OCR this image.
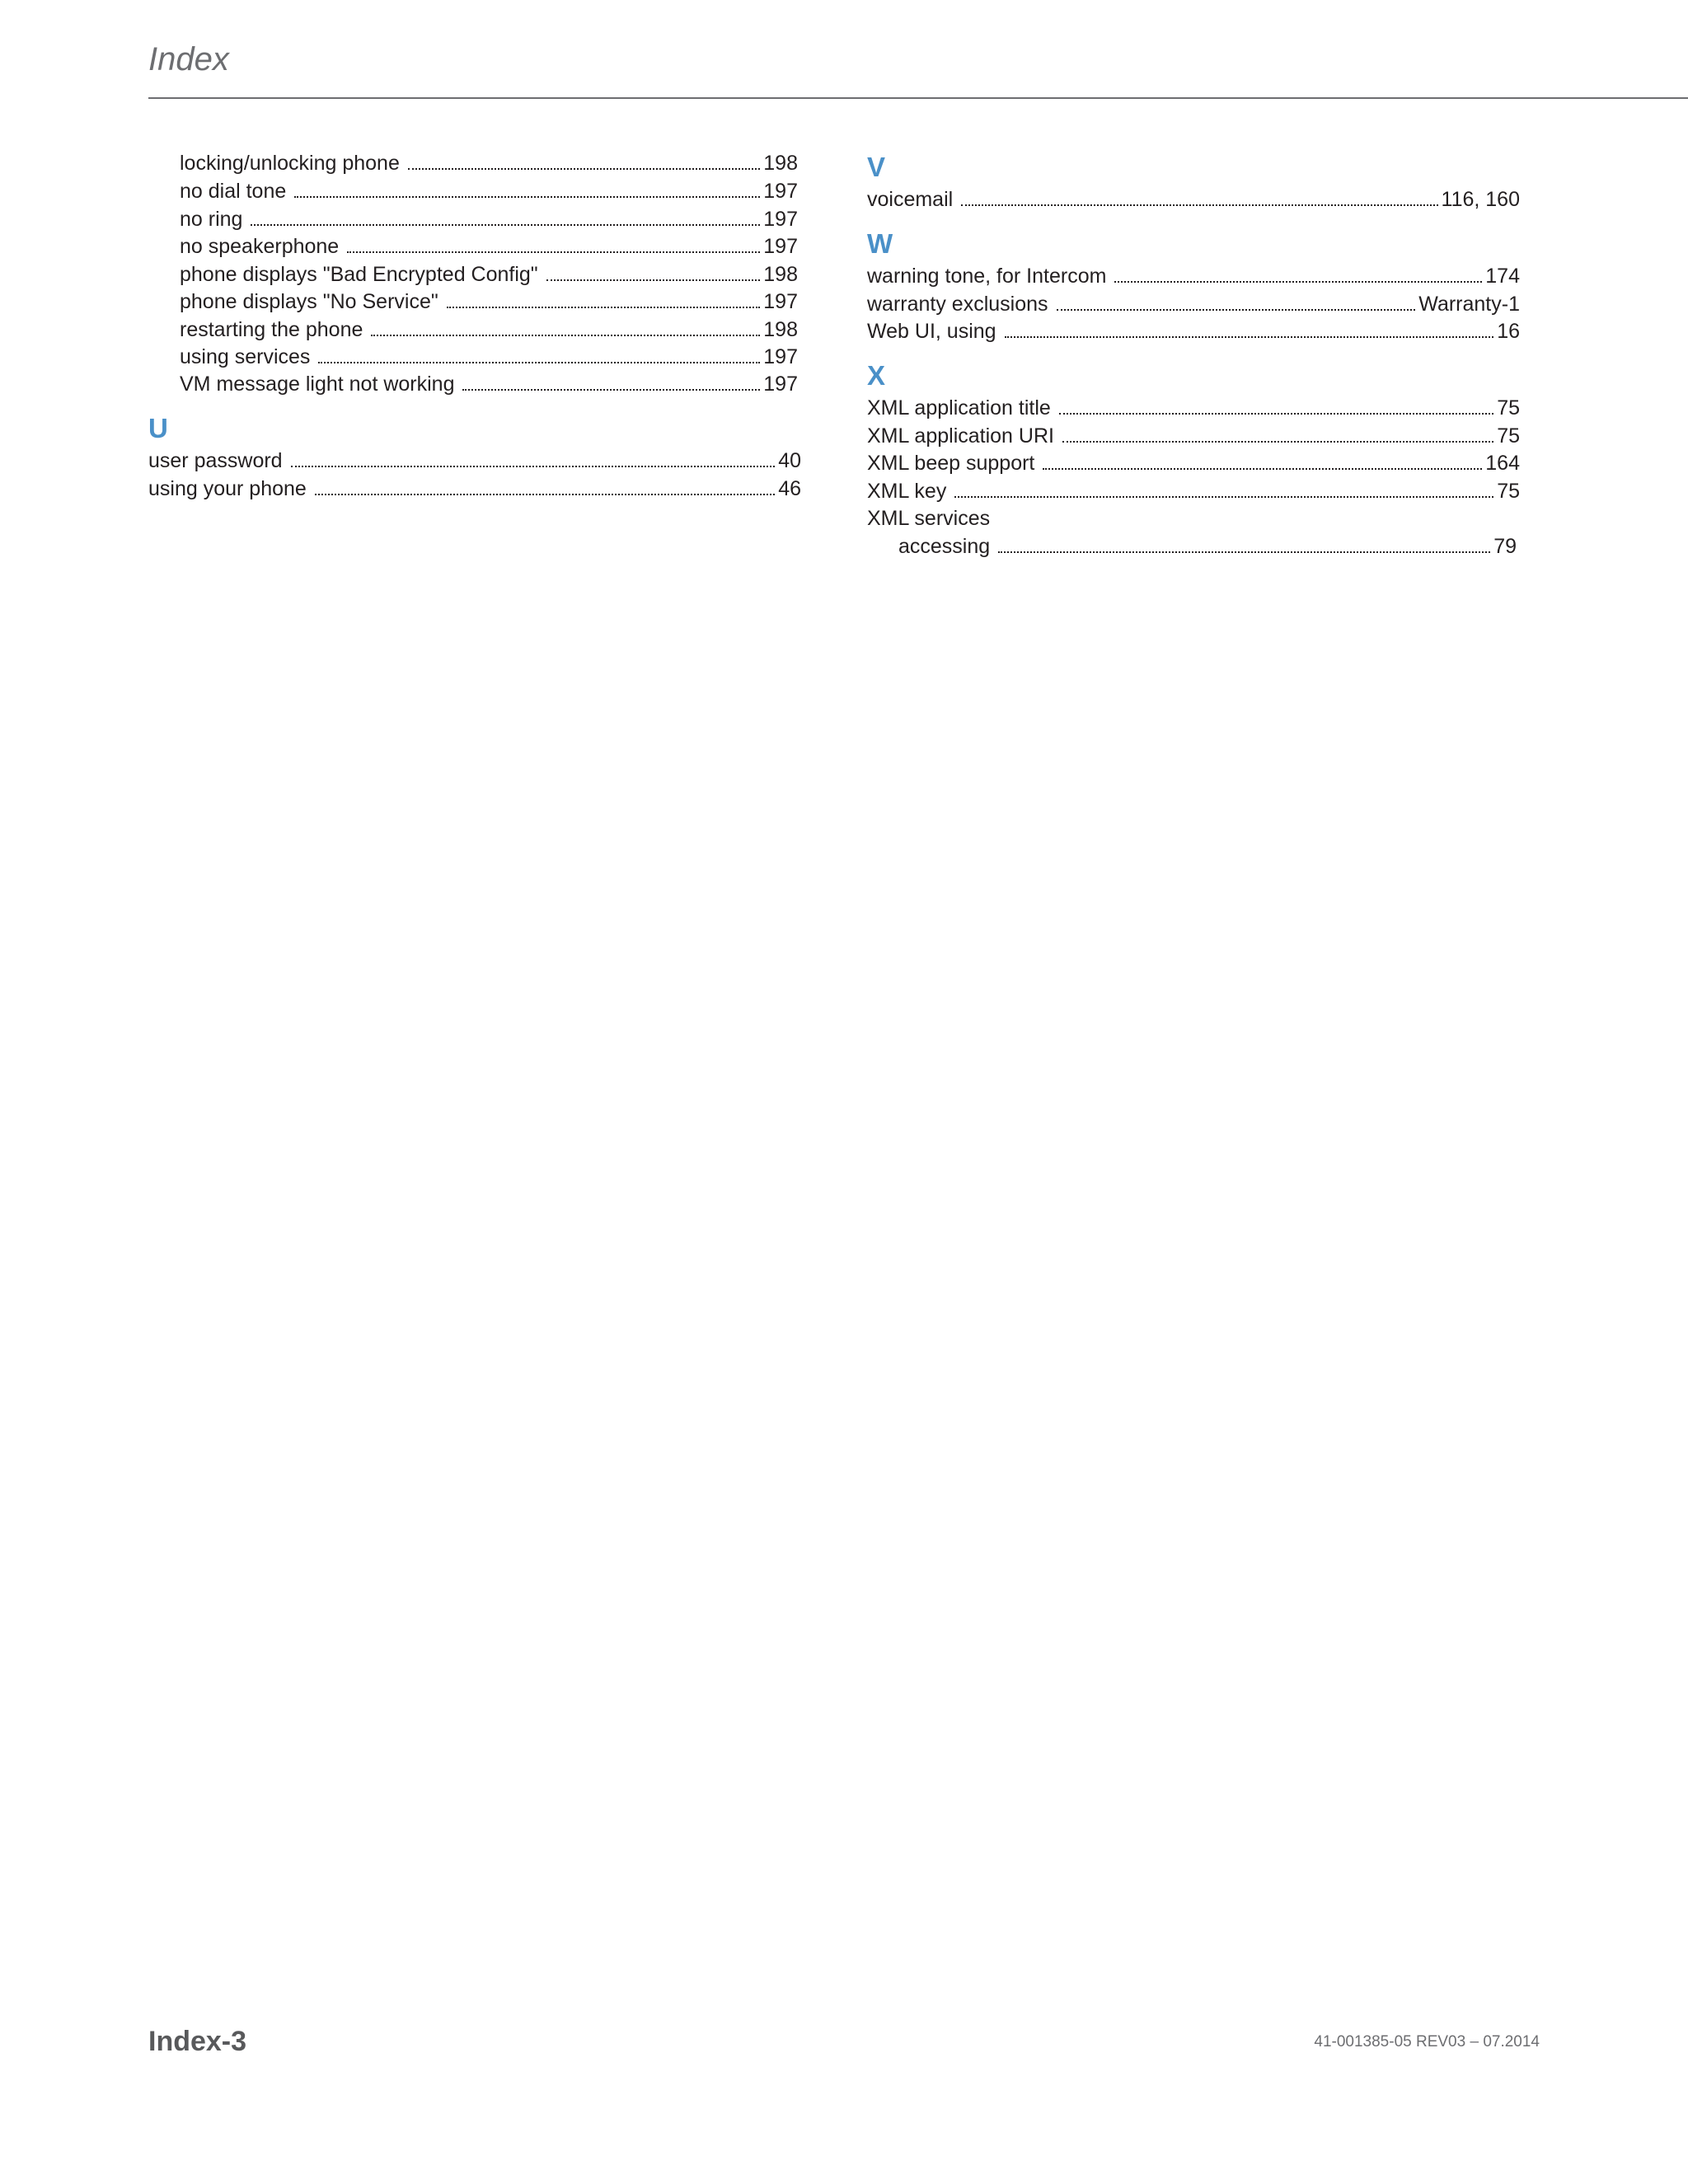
Index
locking/unlocking phone	198
no dial tone	197
no ring	197
no speakerphone	197
phone displays "Bad Encrypted Config"	198
phone displays "No Service"	197
restarting the phone	198
using services	197
VM message light not working	197
U
user password	40
using your phone	46
V
voicemail	116, 160
W
warning tone, for Intercom	174
warranty exclusions	Warranty-1
Web UI, using	16
X
XML application title	75
XML application URI	75
XML beep support	164
XML key	75
XML services
accessing	79
Index-3	41-001385-05 REV03 – 07.2014
